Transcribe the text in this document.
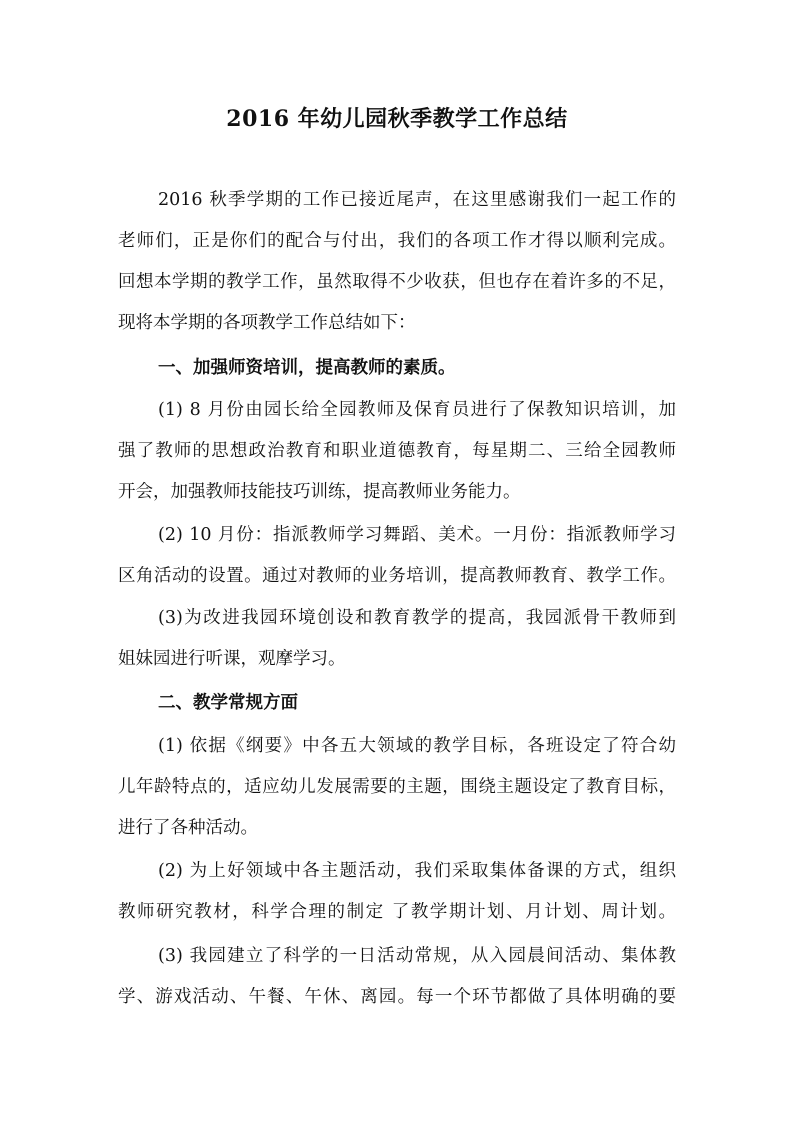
2016 年幼儿园秋季教学工作总结
2016 秋季学期的工作已接近尾声，在这里感谢我们一起工作的
老师们，正是你们的配合与付出，我们的各项工作才得以顺利完成。
回想本学期的教学工作，虽然取得不少收获，但也存在着许多的不足，
现将本学期的各项教学工作总结如下：
一、加强师资培训，提高教师的素质。
(1) 8 月份由园长给全园教师及保育员进行了保教知识培训，加
强了教师的思想政治教育和职业道德教育，每星期二、三给全园教师
开会，加强教师技能技巧训练，提高教师业务能力。
(2) 10 月份：指派教师学习舞蹈、美术。一月份：指派教师学习
区角活动的设置。通过对教师的业务培训，提高教师教育、教学工作。
(3)为改进我园环境创设和教育教学的提高，我园派骨干教师到
姐妹园进行听课，观摩学习。
二、教学常规方面
(1) 依据《纲要》中各五大领域的教学目标，各班设定了符合幼
儿年龄特点的，适应幼儿发展需要的主题，围绕主题设定了教育目标，
进行了各种活动。
(2) 为上好领域中各主题活动，我们采取集体备课的方式，组织
教师研究教材，科学合理的制定 了教学期计划、月计划、周计划。
(3) 我园建立了科学的一日活动常规，从入园晨间活动、集体教
学、游戏活动、午餐、午休、离园。每一个环节都做了具体明确的要
